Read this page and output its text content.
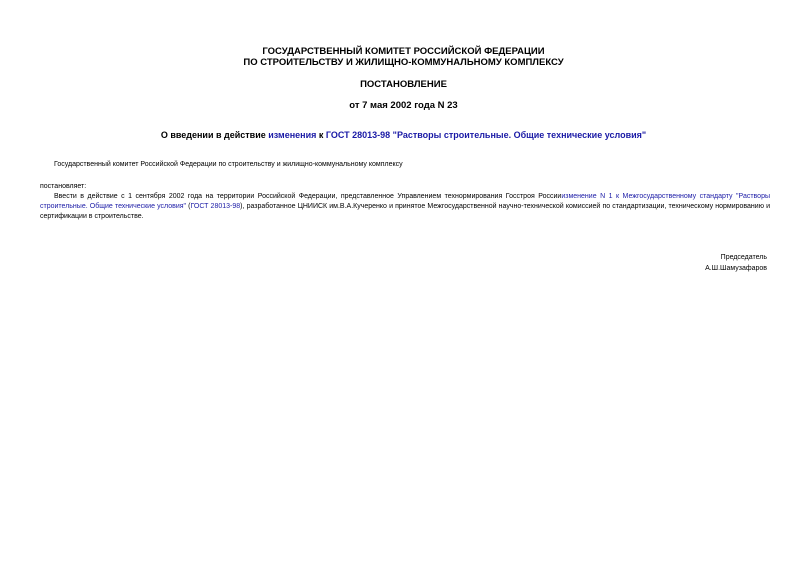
ГОСУДАРСТВЕННЫЙ КОМИТЕТ РОССИЙСКОЙ ФЕДЕРАЦИИ
ПО СТРОИТЕЛЬСТВУ И ЖИЛИЩНО-КОММУНАЛЬНОМУ КОМПЛЕКСУ
ПОСТАНОВЛЕНИЕ
от 7 мая 2002 года N 23
О введении в действие изменения к ГОСТ 28013-98 "Растворы строительные. Общие технические условия"
Государственный комитет Российской Федерации по строительству и жилищно-коммунальному комплексу
постановляет:
Ввести в действие с 1 сентября 2002 года на территории Российской Федерации, представленное Управлением технормирования Госстроя Россииизменение N 1 к Межгосударственному стандарту "Растворы строительные. Общие технические условия" (ГОСТ 28013-98), разработанное ЦНИИСК им.В.А.Кучеренко и принятое Межгосударственной научно-технической комиссией по стандартизации, техническому нормированию и сертификации в строительстве.
Председатель
А.Ш.Шамузафаров
